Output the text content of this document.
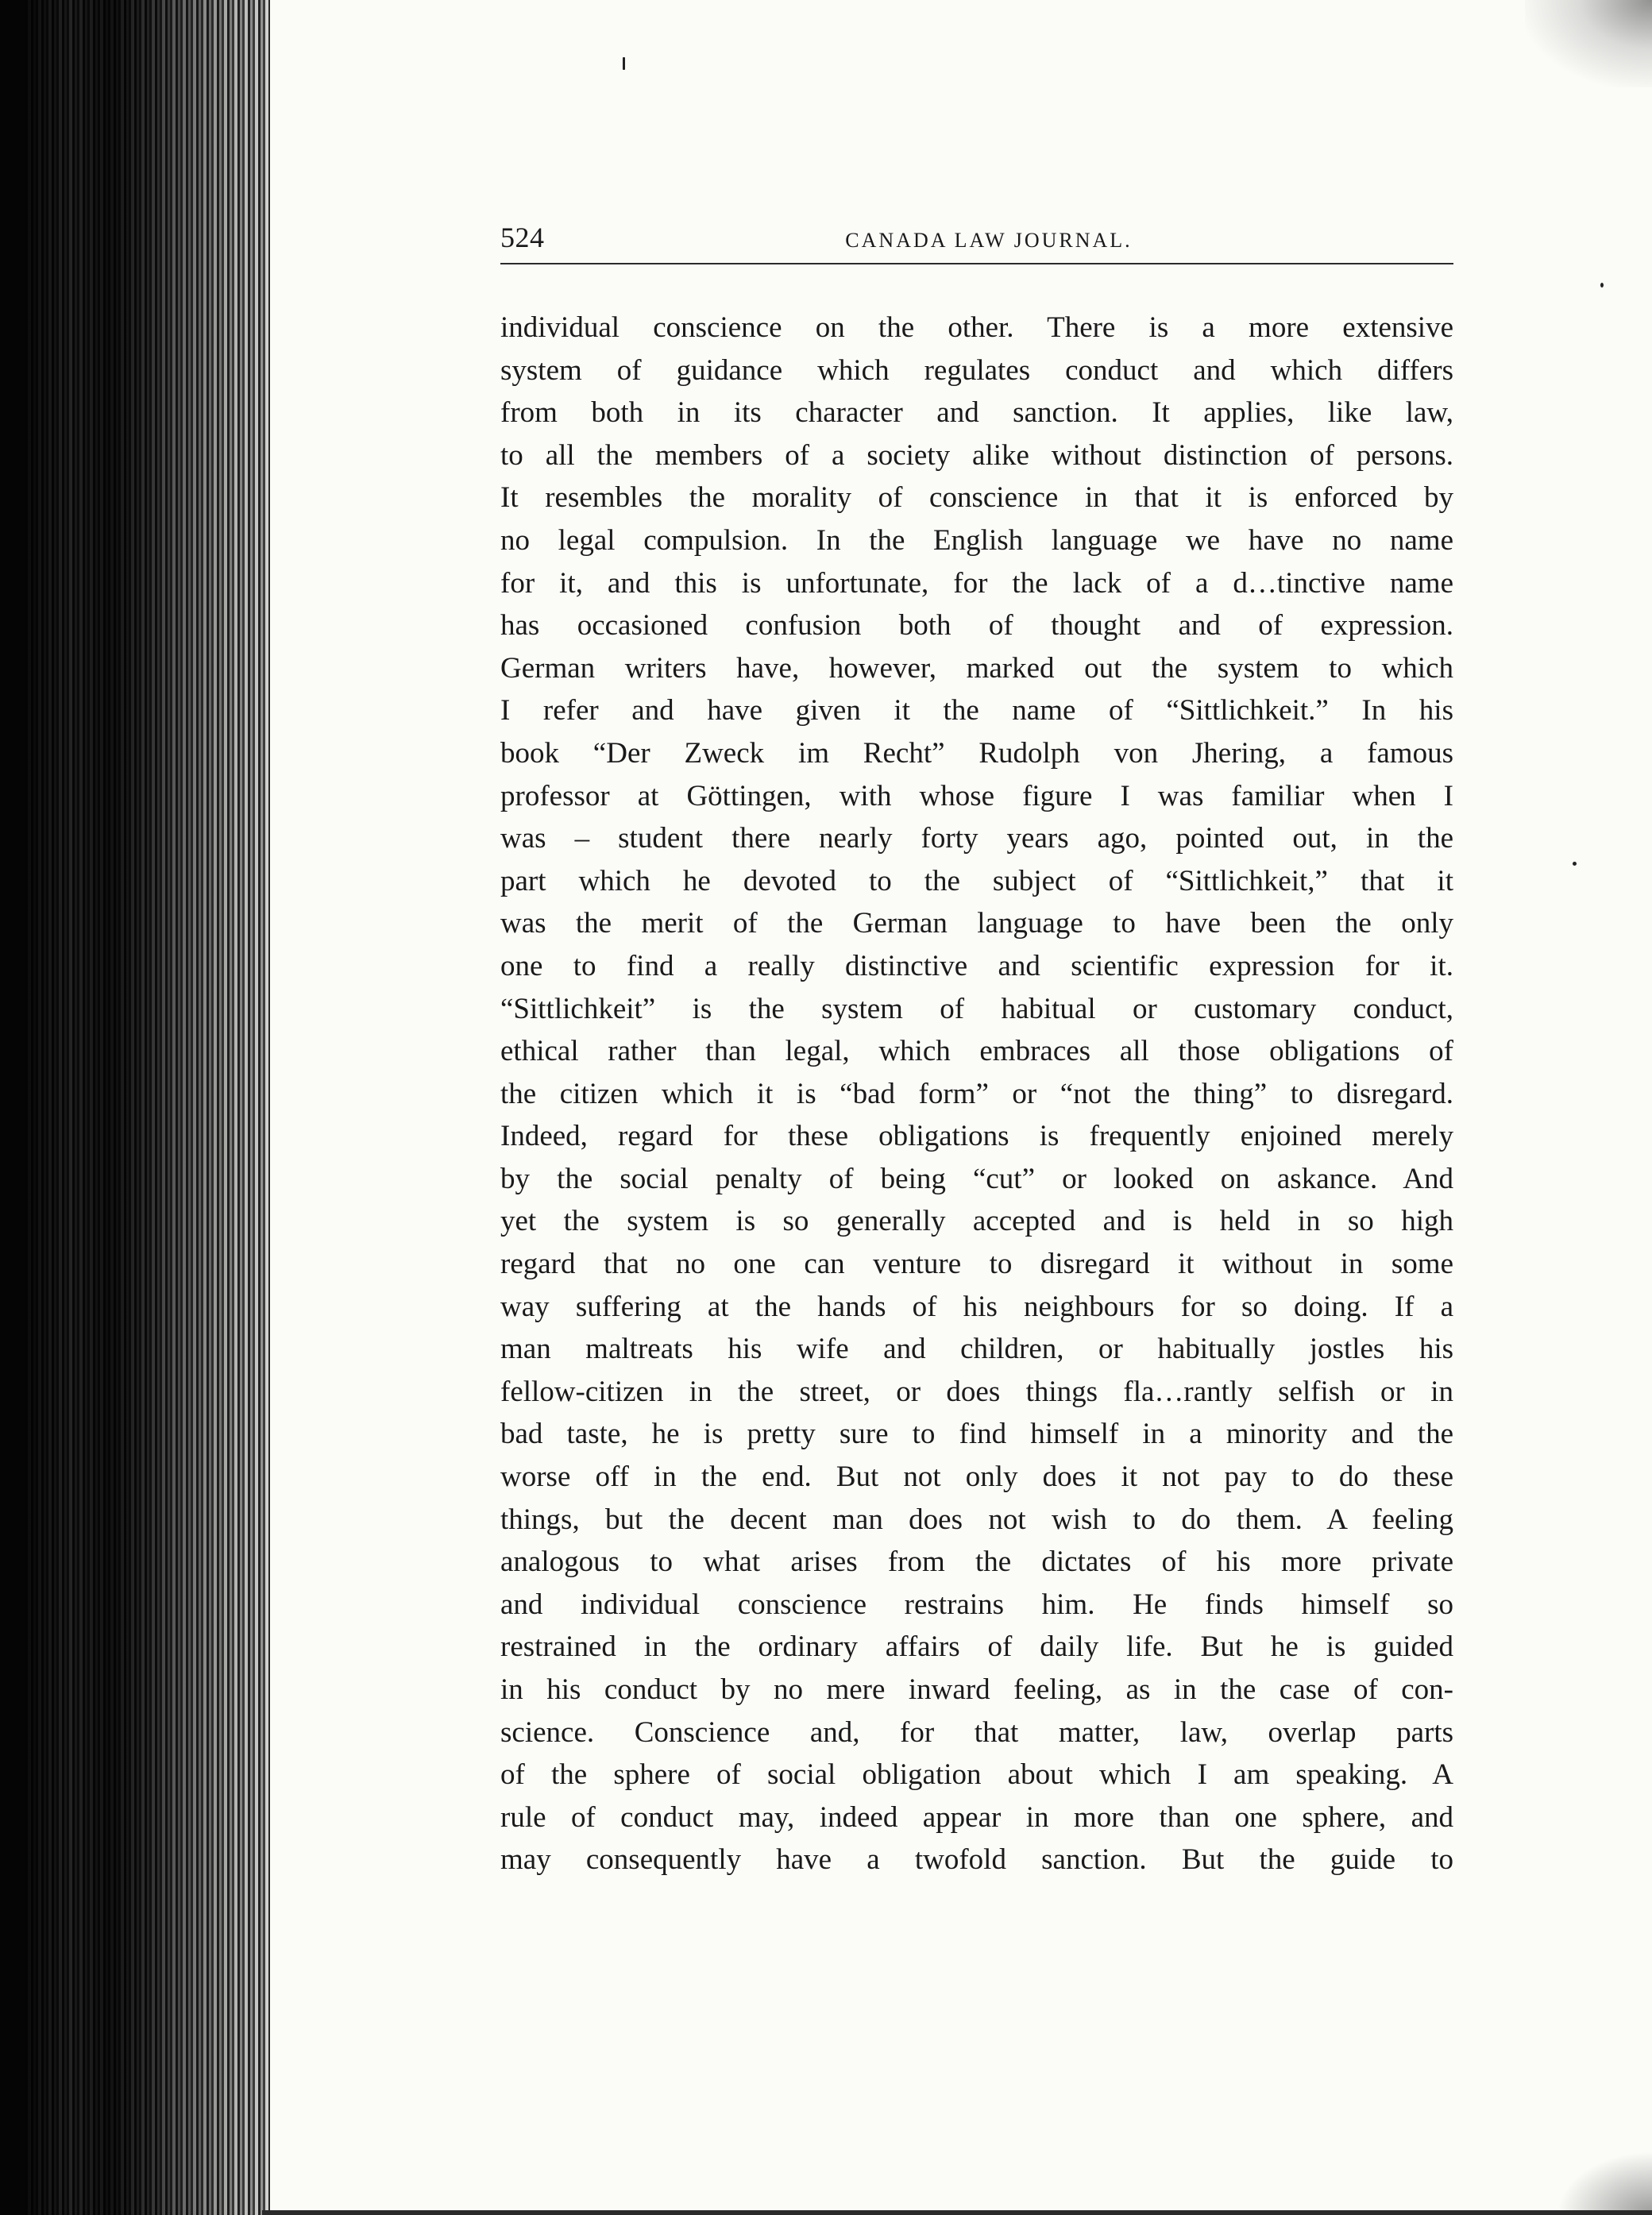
524	CANADA LAW JOURNAL.
individual conscience on the other. There is a more extensive
system of guidance which regulates conduct and which differs
from both in its character and sanction. It applies, like law,
to all the members of a society alike without distinction of persons.
It resembles the morality of conscience in that it is enforced by
no legal compulsion. In the English language we have no name
for it, and this is unfortunate, for the lack of a d…tinctive name
has occasioned confusion both of thought and of expression.
German writers have, however, marked out the system to which
I refer and have given it the name of “Sittlichkeit.” In his
book “Der Zweck im Recht” Rudolph von Jhering, a famous
professor at Göttingen, with whose figure I was familiar when I
was – student there nearly forty years ago, pointed out, in the
part which he devoted to the subject of “Sittlichkeit,” that it
was the merit of the German language to have been the only
one to find a really distinctive and scientific expression for it.
“Sittlichkeit” is the system of habitual or customary conduct,
ethical rather than legal, which embraces all those obligations of
the citizen which it is “bad form” or “not the thing” to disregard.
Indeed, regard for these obligations is frequently enjoined merely
by the social penalty of being “cut” or looked on askance. And
yet the system is so generally accepted and is held in so high
regard that no one can venture to disregard it without in some
way suffering at the hands of his neighbours for so doing. If a
man maltreats his wife and children, or habitually jostles his
fellow-citizen in the street, or does things fla…rantly selfish or in
bad taste, he is pretty sure to find himself in a minority and the
worse off in the end. But not only does it not pay to do these
things, but the decent man does not wish to do them. A feeling
analogous to what arises from the dictates of his more private
and individual conscience restrains him. He finds himself so
restrained in the ordinary affairs of daily life. But he is guided
in his conduct by no mere inward feeling, as in the case of con-
science. Conscience and, for that matter, law, overlap parts
of the sphere of social obligation about which I am speaking. A
rule of conduct may, indeed appear in more than one sphere, and
may consequently have a twofold sanction. But the guide to
